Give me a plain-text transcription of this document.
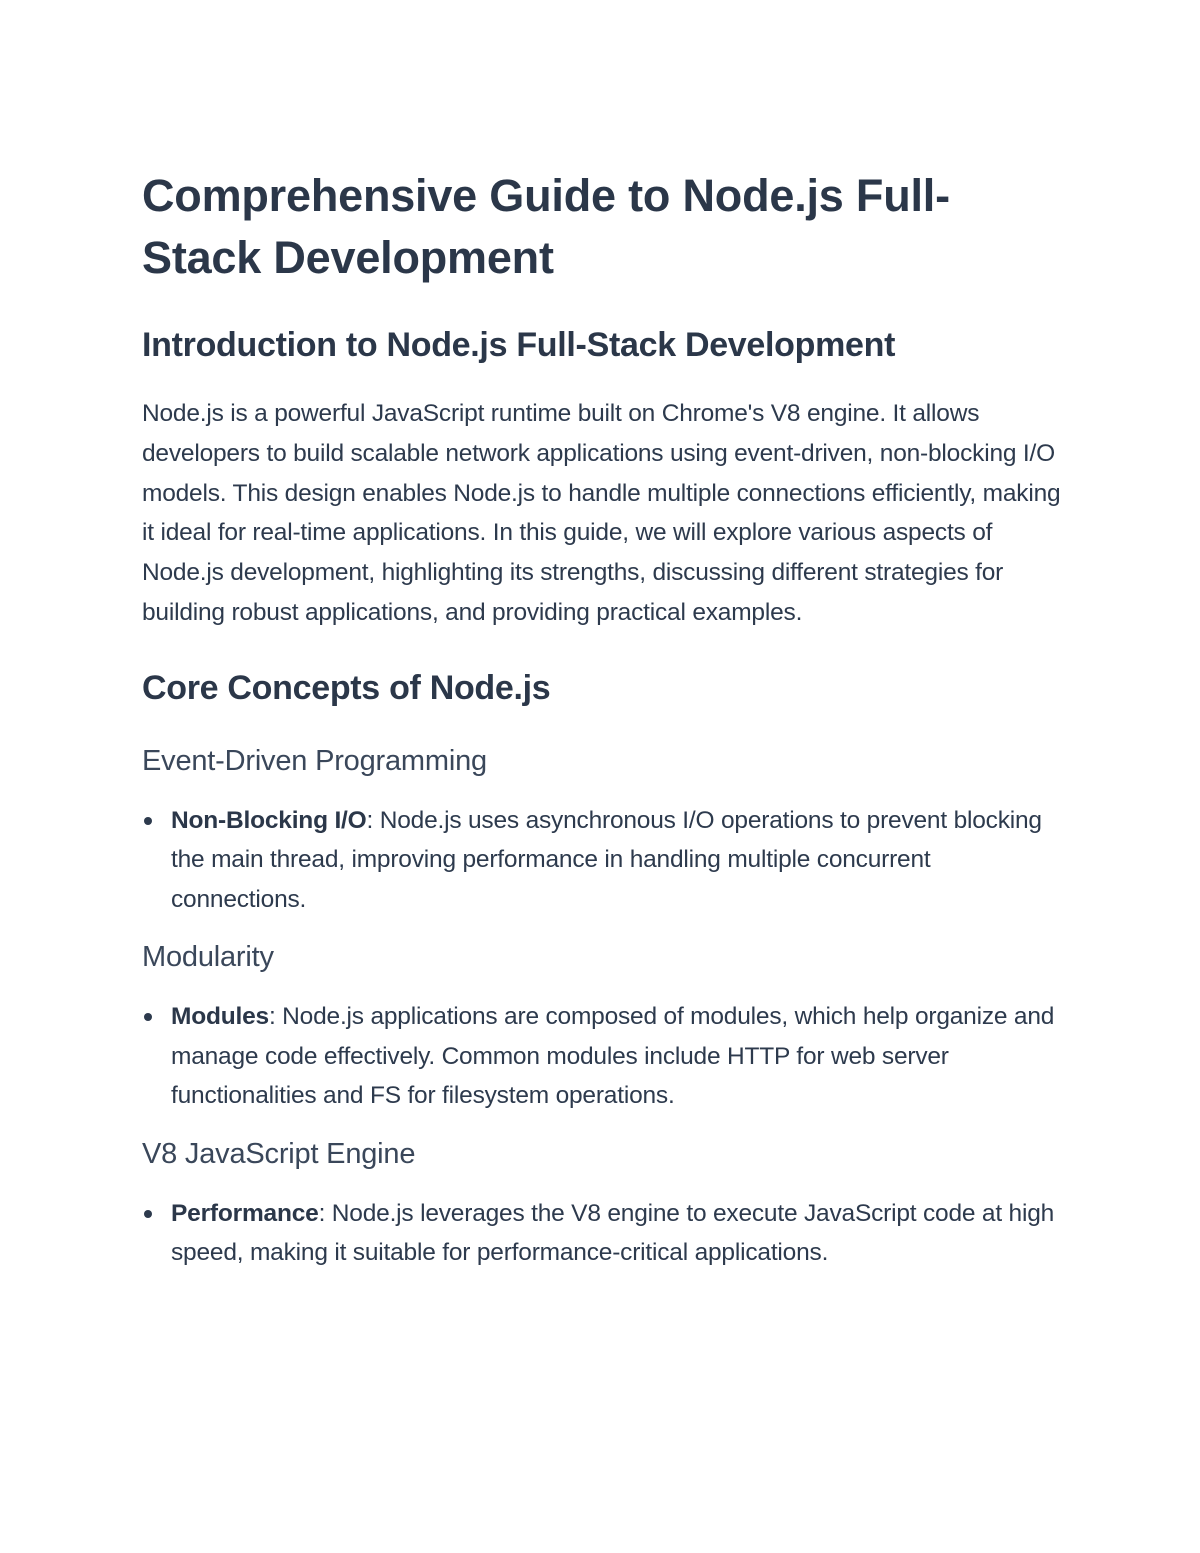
Comprehensive Guide to Node.js Full-Stack Development
Introduction to Node.js Full-Stack Development

Node.js is a powerful JavaScript runtime built on Chrome's V8 engine. It allows developers to build scalable network applications using event-driven, non-blocking I/O models. This design enables Node.js to handle multiple connections efficiently, making it ideal for real-time applications. In this guide, we will explore various aspects of Node.js development, highlighting its strengths, discussing different strategies for building robust applications, and providing practical examples.

Core Concepts of Node.js
Event-Driven Programming
Non-Blocking I/O: Node.js uses asynchronous I/O operations to prevent blocking the main thread, improving performance in handling multiple concurrent connections.
Modularity
Modules: Node.js applications are composed of modules, which help organize and manage code effectively. Common modules include HTTP for web server functionalities and FS for filesystem operations.
V8 JavaScript Engine
Performance: Node.js leverages the V8 engine to execute JavaScript code at high speed, making it suitable for performance-critical applications.
